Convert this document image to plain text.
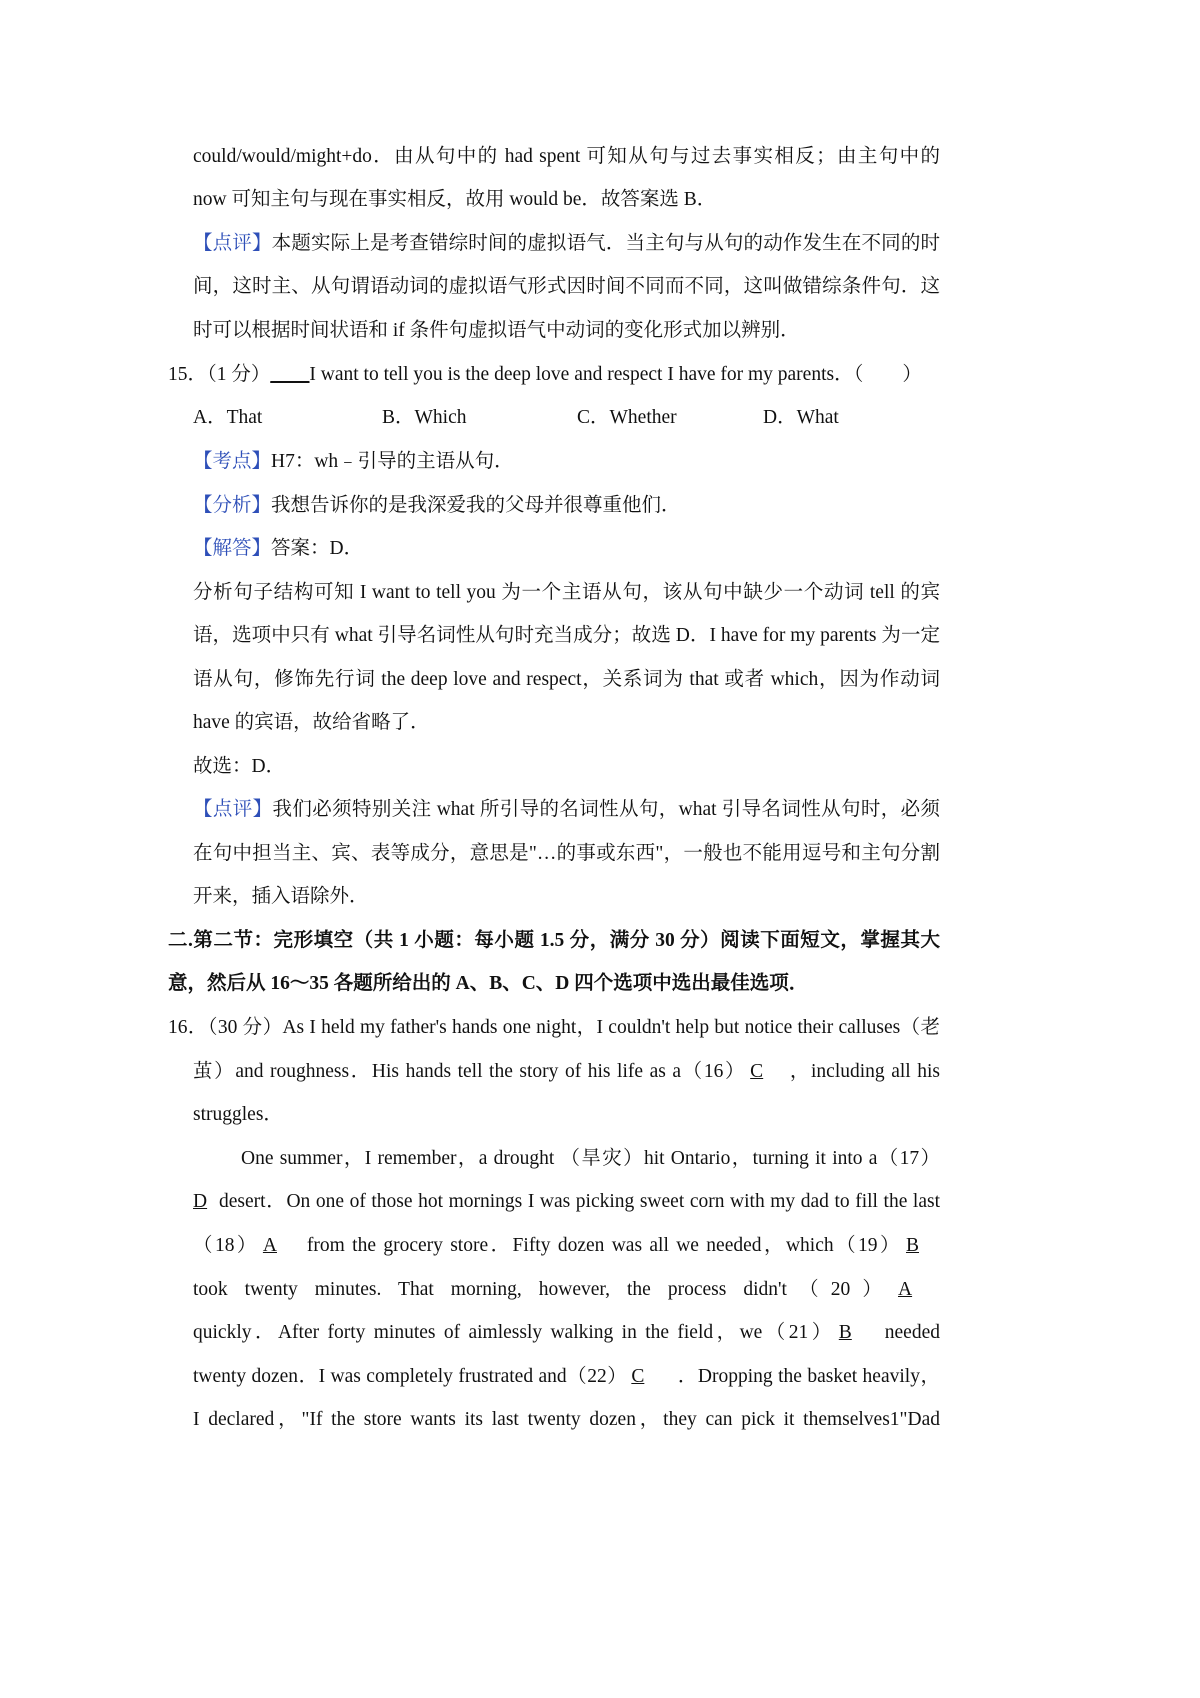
could/would/might+do．由从句中的 had spent 可知从句与过去事实相反；由主句中的
now 可知主句与现在事实相反，故用 would be．故答案选 B．
【点评】本题实际上是考查错综时间的虚拟语气．当主句与从句的动作发生在不同的时
间，这时主、从句谓语动词的虚拟语气形式因时间不同而不同，这叫做错综条件句．这
时可以根据时间状语和 if 条件句虚拟语气中动词的变化形式加以辨别．
15．（1 分）____I want to tell you is the deep love and respect I have for my parents．（　　）
A．That	B．Which	C．Whether	D．What
【考点】H7：wh﹣引导的主语从句．
【分析】我想告诉你的是我深爱我的父母并很尊重他们．
【解答】答案：D．
分析句子结构可知 I want to tell you 为一个主语从句，该从句中缺少一个动词 tell 的宾
语，选项中只有 what 引导名词性从句时充当成分；故选 D．I have for my parents 为一定
语从句，修饰先行词 the deep love and respect，关系词为 that 或者 which，因为作动词
have 的宾语，故给省略了．
故选：D．
【点评】我们必须特别关注 what 所引导的名词性从句，what 引导名词性从句时，必须
在句中担当主、宾、表等成分，意思是"…的事或东西"，一般也不能用逗号和主句分割
开来，插入语除外．
二.第二节：完形填空（共 1 小题：每小题 1.5 分，满分 30 分）阅读下面短文，掌握其大
意，然后从 16～35 各题所给出的 A、B、C、D 四个选项中选出最佳选项．
16．（30 分）As I held my father's hands one night，I couldn't help but notice their calluses（老
茧）and roughness．His hands tell the story of his life as a（16） C ，including all his
struggles．
One summer，I remember，a drought （旱灾）hit Ontario，turning it into a（17）
D desert．On one of those hot mornings I was picking sweet corn with my dad to fill the last
（18） A from the grocery store．Fifty dozen was all we needed，which（19） B
took twenty minutes. That morning, however, the process didn't（20） A
quickly．After forty minutes of aimlessly walking in the field，we（21） B needed
twenty dozen．I was completely frustrated and（22） C ．Dropping the basket heavily，
I declared，"If the store wants its last twenty dozen，they can pick it themselves1"Dad
